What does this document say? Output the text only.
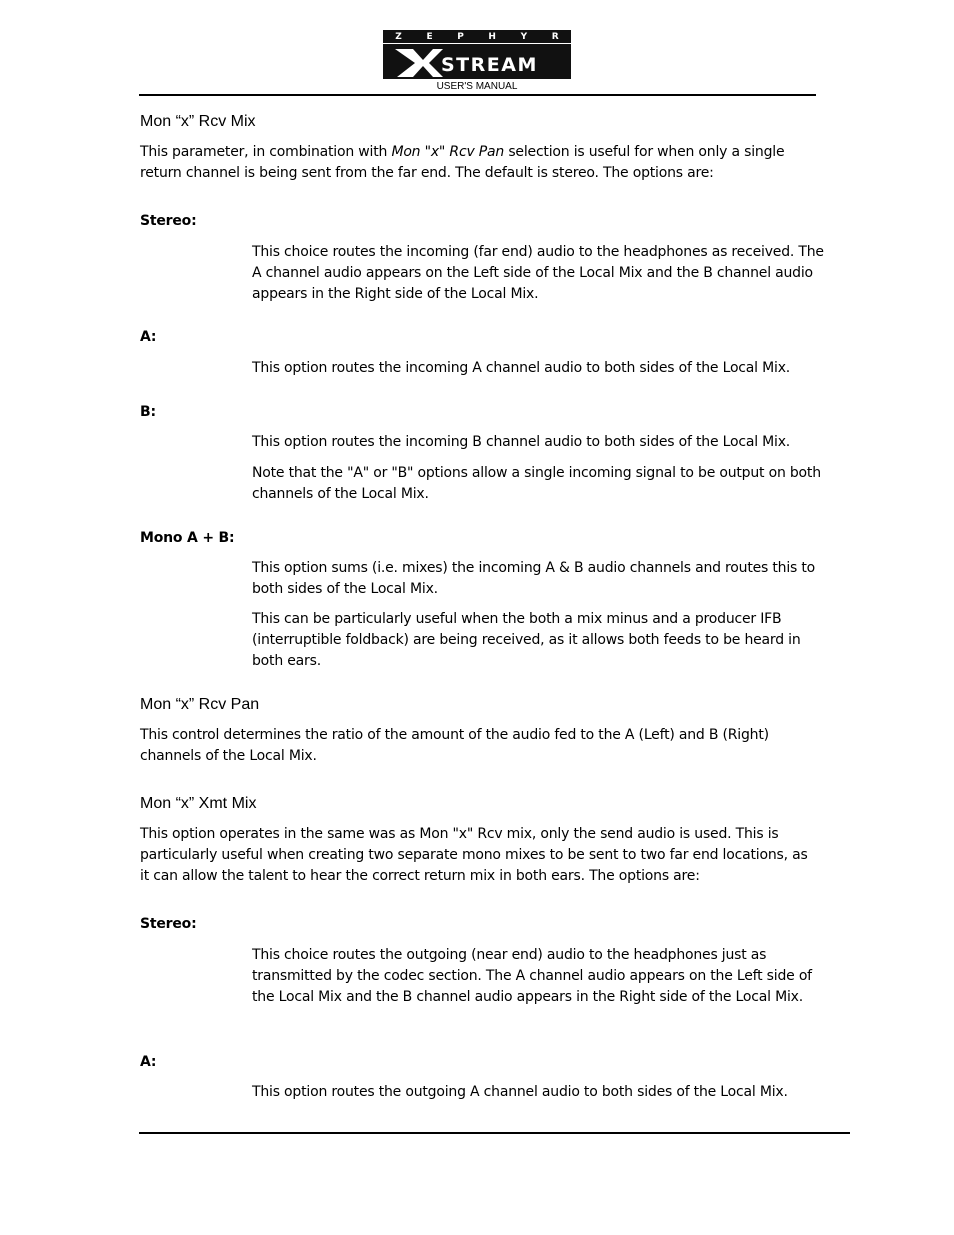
Z	E	P	H	Y	R
STREAM
USER'S MANUAL
Mon “x” Rcv Mix

This parameter, in combination with Mon "x" Rcv Pan selection is useful for when only a single return channel is being sent from the far end. The default is stereo. The options are:

Stereo:

This choice routes the incoming (far end) audio to the headphones as received. The A channel audio appears on the Left side of the Local Mix and the B channel audio appears in the Right side of the Local Mix.

A:

This option routes the incoming A channel audio to both sides of the Local Mix.

B:

This option routes the incoming B channel audio to both sides of the Local Mix.

Note that the "A" or "B" options allow a single incoming signal to be output on both channels of the Local Mix.

Mono A + B:

This option sums (i.e. mixes) the incoming A & B audio channels and routes this to both sides of the Local Mix.

This can be particularly useful when the both a mix minus and a producer IFB (interruptible foldback) are being received, as it allows both feeds to be heard in both ears.

Mon “x” Rcv Pan

This control determines the ratio of the amount of the audio fed to the A (Left) and B (Right) channels of the Local Mix.

Mon “x” Xmt Mix

This option operates in the same was as Mon "x" Rcv mix, only the send audio is used. This is particularly useful when creating two separate mono mixes to be sent to two far end locations, as it can allow the talent to hear the correct return mix in both ears. The options are:

Stereo:

This choice routes the outgoing (near end) audio to the headphones just as transmitted by the codec section. The A channel audio appears on the Left side of the Local Mix and the B channel audio appears in the Right side of the Local Mix.

A:

This option routes the outgoing A channel audio to both sides of the Local Mix.
